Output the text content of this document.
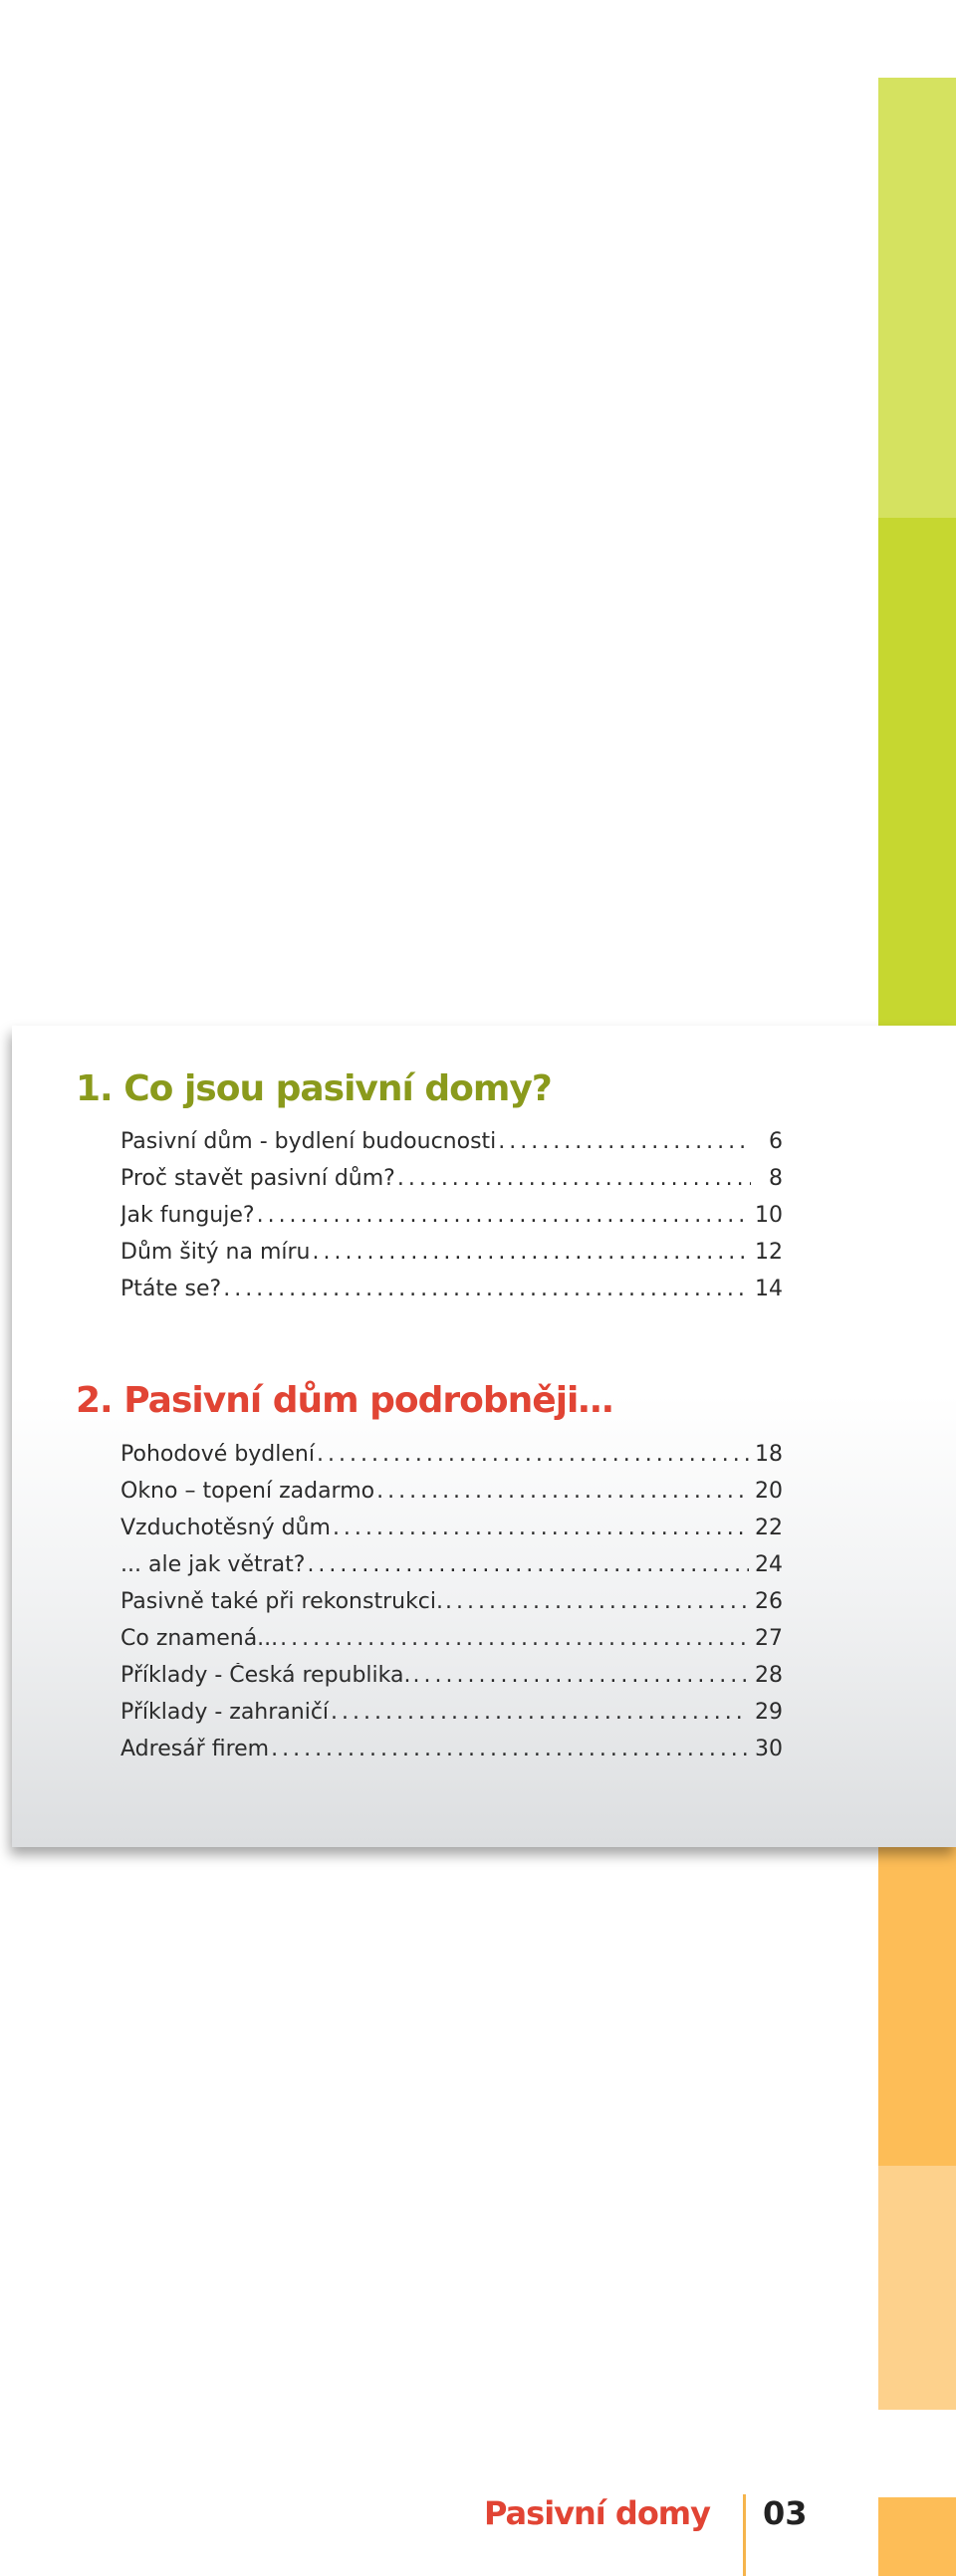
1. Co jsou pasivní domy?
Pasivní dům - bydlení budoucnosti .....	6
Proč stavět pasivní dům? .....	8
Jak funguje? .....	10
Dům šitý na míru .....	12
Ptáte se? .....	14
2. Pasivní dům podrobněji…
Pohodové bydlení .....	18
Okno – topení zadarmo .....	20
Vzduchotěsný dům .....	22
... ale jak větrat? .....	24
Pasivně také při rekonstrukci. .....	26
Co znamená... .....	27
Příklady - Česká republika. .....	28
Příklady - zahraničí .....	29
Adresář firem .....	30

Pasivní domy 03
